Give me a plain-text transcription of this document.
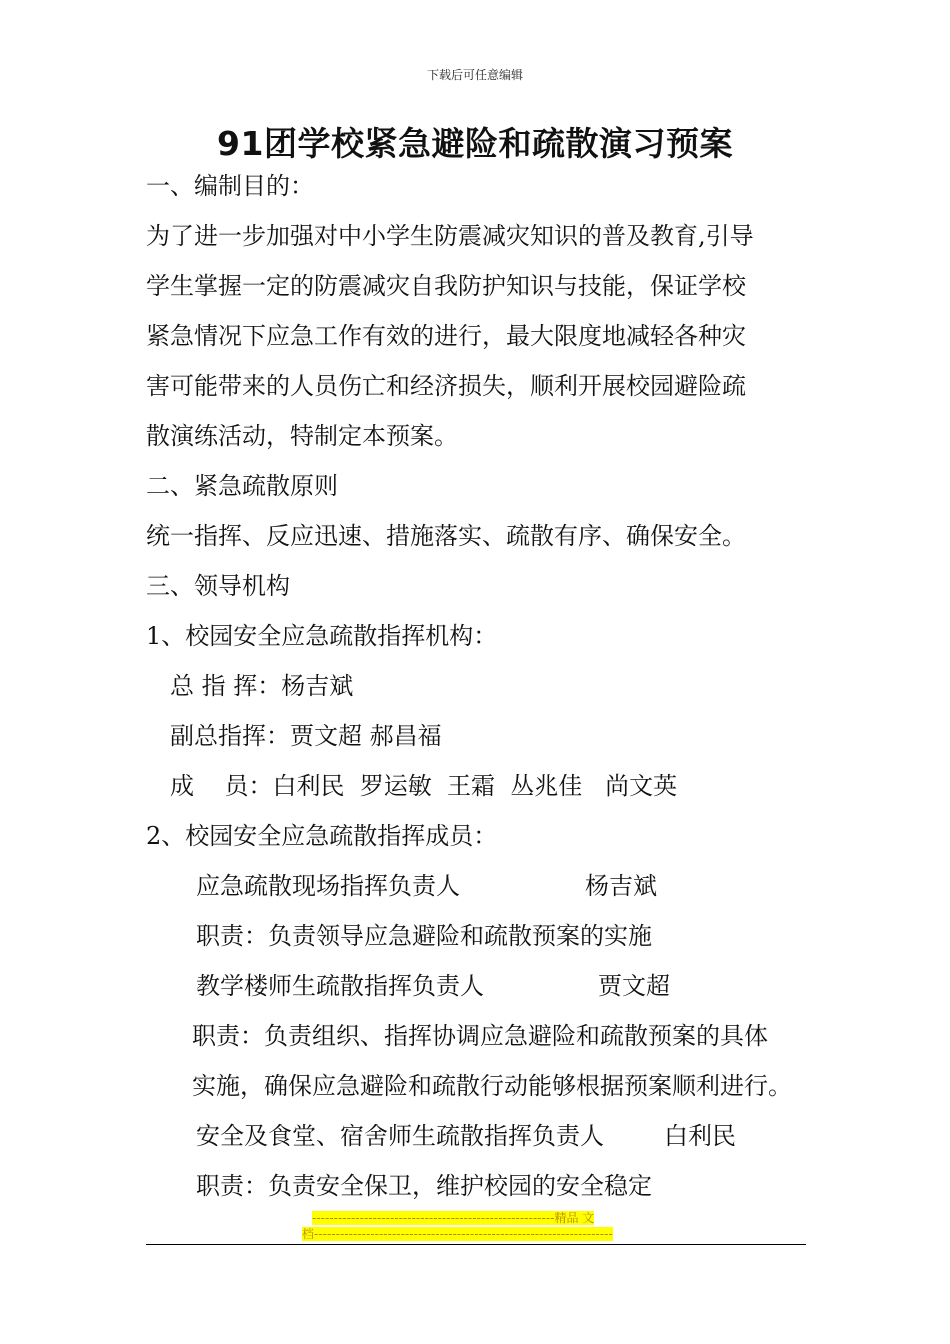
下载后可任意编辑
91团学校紧急避险和疏散演习预案
一、编制目的：
为了进一步加强对中小学生防震减灾知识的普及教育,引导
学生掌握一定的防震减灾自我防护知识与技能，保证学校
紧急情况下应急工作有效的进行，最大限度地减轻各种灾
害可能带来的人员伤亡和经济损失，顺利开展校园避险疏
散演练活动，特制定本预案。
二、紧急疏散原则
统一指挥、反应迅速、措施落实、疏散有序、确保安全。
三、领导机构
1、校园安全应急疏散指挥机构：
总 指 挥：杨吉斌
副总指挥：贾文超 郝昌福
成    员：白利民  罗运敏  王霜  丛兆佳   尚文英
2、校园安全应急疏散指挥成员：
应急疏散现场指挥负责人	杨吉斌
职责：负责领导应急避险和疏散预案的实施
教学楼师生疏散指挥负责人	贾文超
职责：负责组织、指挥协调应急避险和疏散预案的具体
实施，确保应急避险和疏散行动能够根据预案顺利进行。
安全及食堂、宿舍师生疏散指挥负责人	白利民
职责：负责安全保卫，维护校园的安全稳定
--------------------------------------------------------精品 文
档---------------------------------------------------------------------
